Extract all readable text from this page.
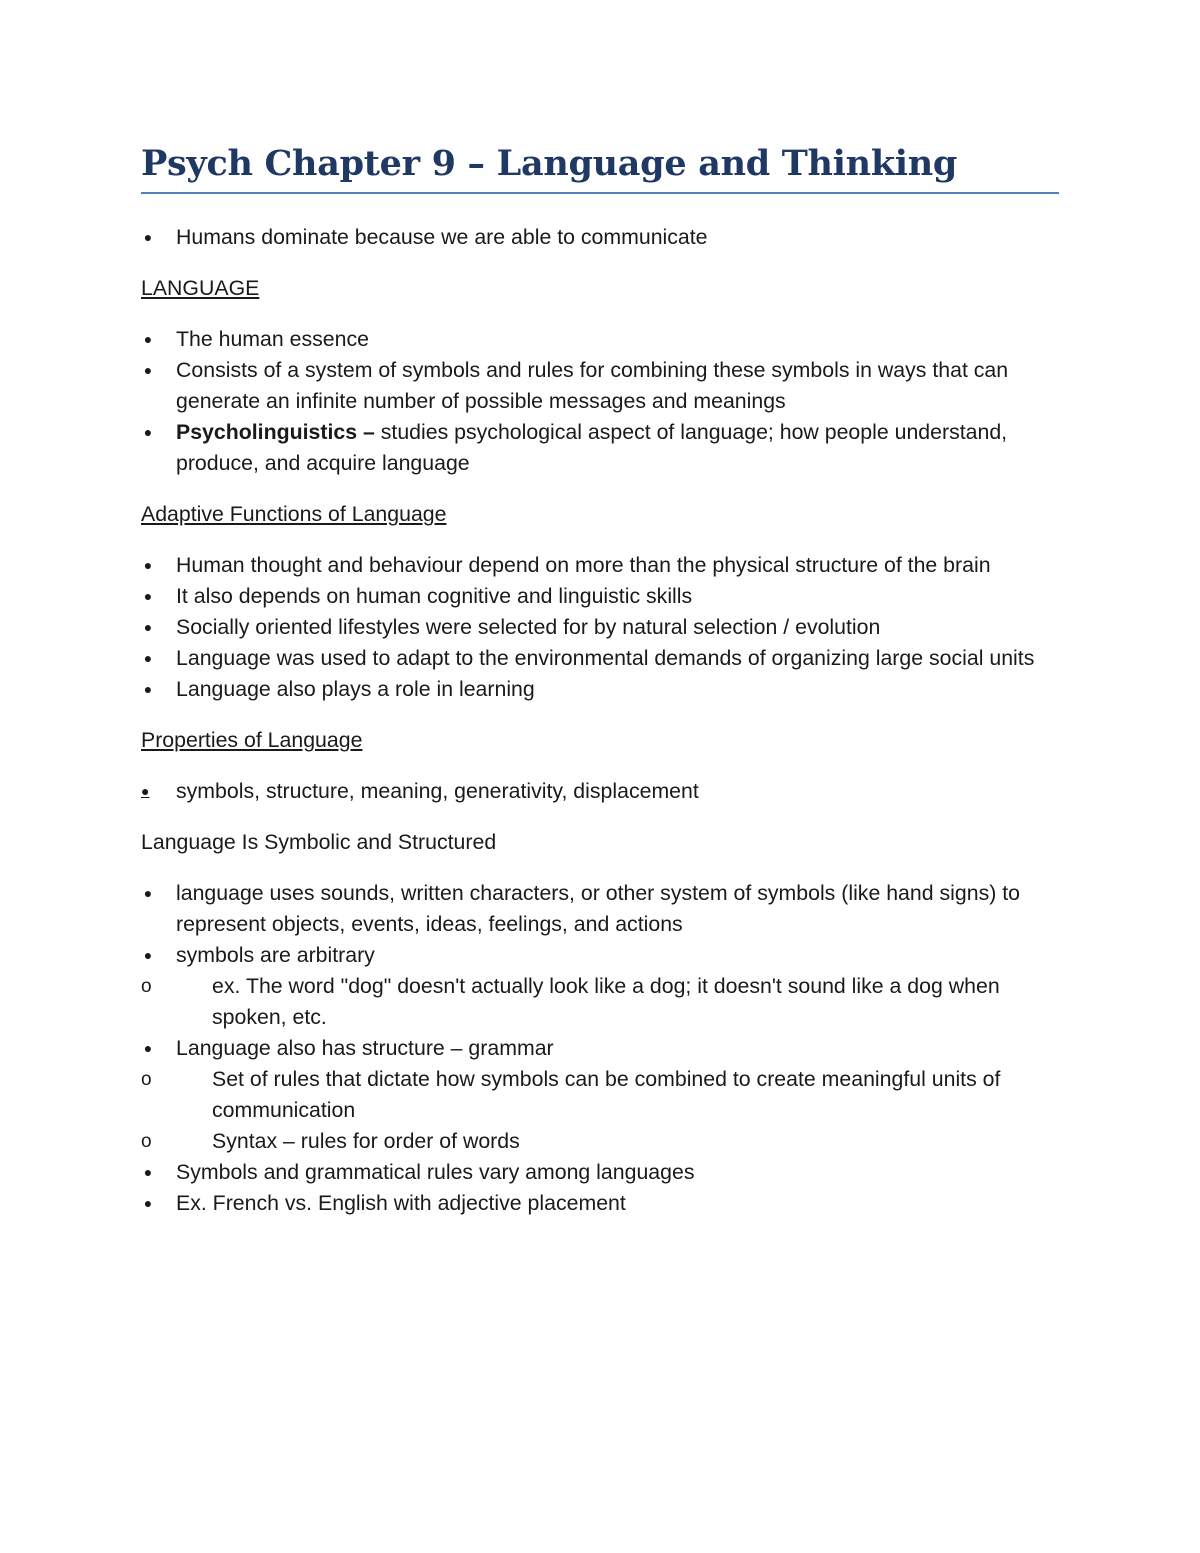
Psych Chapter 9 – Language and Thinking
● Humans dominate because we are able to communicate

LANGUAGE

● The human essence
● Consists of a system of symbols and rules for combining these symbols in ways that can generate an infinite number of possible messages and meanings
● Psycholinguistics – studies psychological aspect of language; how people understand, produce, and acquire language

Adaptive Functions of Language

● Human thought and behaviour depend on more than the physical structure of the brain
● It also depends on human cognitive and linguistic skills
● Socially oriented lifestyles were selected for by natural selection / evolution
● Language was used to adapt to the environmental demands of organizing large social units
● Language also plays a role in learning

Properties of Language

●	symbols, structure, meaning, generativity, displacement

Language Is Symbolic and Structured

● language uses sounds, written characters, or other system of symbols (like hand signs) to represent objects, events, ideas, feelings, and actions
● symbols are arbitrary
o	ex. The word "dog" doesn't actually look like a dog; it doesn't sound like a dog when spoken, etc.
● Language also has structure – grammar
o	Set of rules that dictate how symbols can be combined to create meaningful units of communication
o	Syntax – rules for order of words
● Symbols and grammatical rules vary among languages
● Ex. French vs. English with adjective placement
